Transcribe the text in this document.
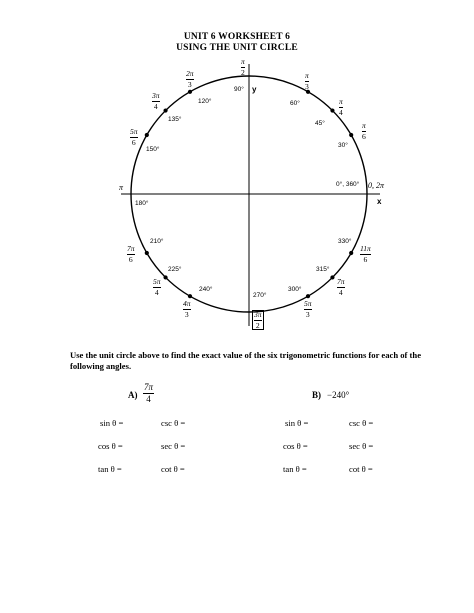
UNIT 6 WORKSHEET 6
USING THE UNIT CIRCLE
0°, 360° 0, 2π
30°
π
6
45°
π
4
60°
π
3
90°
π
2
120°
2π
3
135°
3π
4
150°
5π
6
180°
π
210°
7π
6
225°
5π
4	240°
4π
3
270°
3π
2
300°
5π
3
315°
7π
4
330°
11π
6
y
x
Use the unit circle above to find the exact value of the six trigonometric functions for each of the following angles.
A)
7π
4
sin θ =	csc θ =
cos θ =	sec θ =
tan θ =	cot θ =
B) −240°
sin θ =	csc θ =
cos θ =	sec θ =
tan θ =	cot θ =
